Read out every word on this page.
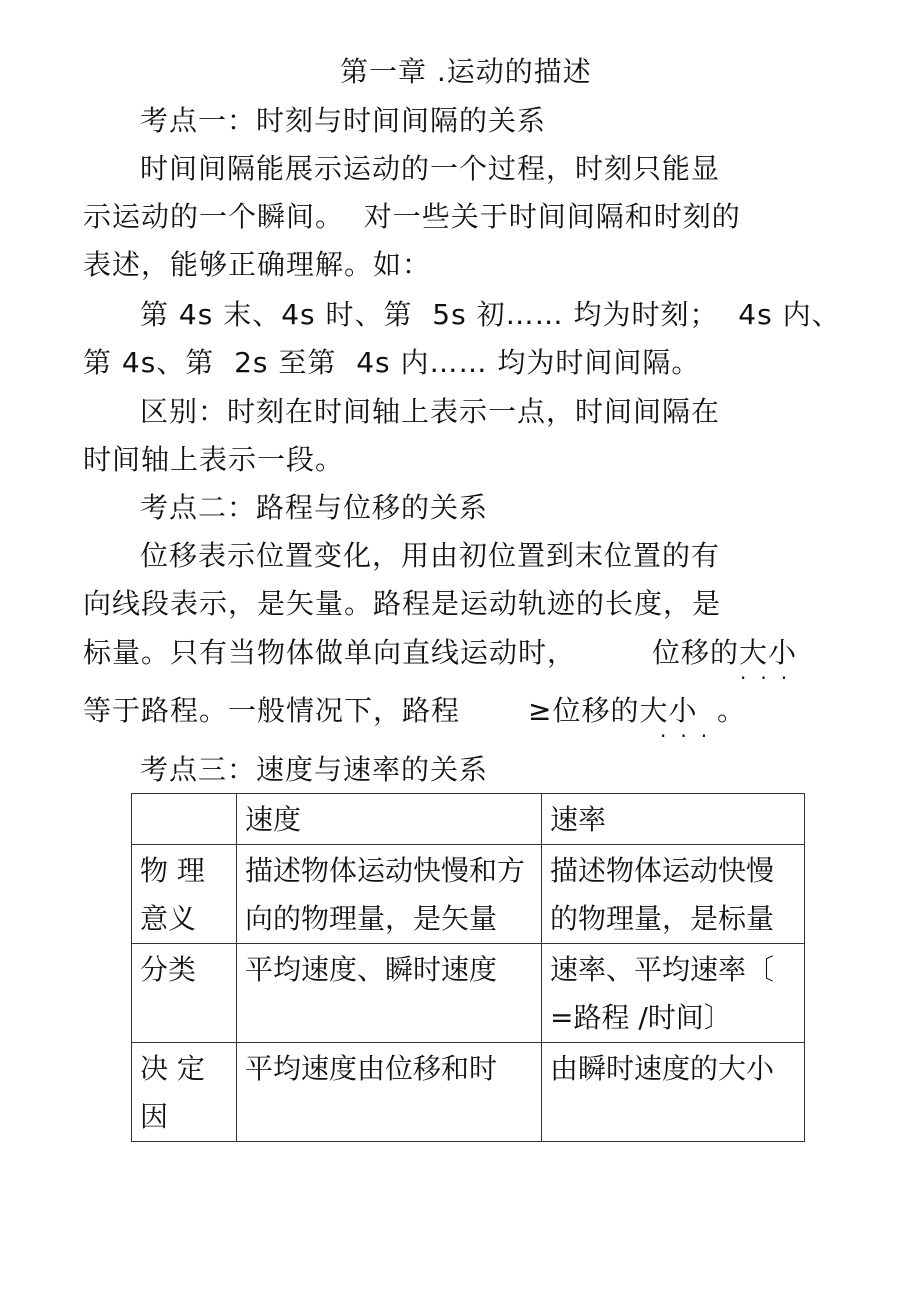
第一章 .运动的描述
考点一：时刻与时间间隔的关系
时间间隔能展示运动的一个过程，时刻只能显
示运动的一个瞬间。  对一些关于时间间隔和时刻的
表述，能够正确理解。如：
第 4s 末、4s 时、第  5s 初…… 均为时刻；  4s 内、
第 4s、第  2s 至第  4s 内…… 均为时间间隔。
区别：时刻在时间轴上表示一点，时间间隔在
时间轴上表示一段。
考点二：路程与位移的关系
位移表示位置变化，用由初位置到末位置的有
向线段表示，是矢量。路程是运动轨迹的长度，是
标量。只有当物体做单向直线运动时，	位移的大小
···
等于路程。一般情况下，路程 ≥位移的大小 。
···
考点三：速度与速率的关系
	速度	速率
物 理 意义	描述物体运动快慢和方向的物理量，是矢量	描述物体运动快慢的物理量，是标量
分类	平均速度、瞬时速度	速率、平均速率〔 =路程 /时间〕
决 定 因	平均速度由位移和时	由瞬时速度的大小
